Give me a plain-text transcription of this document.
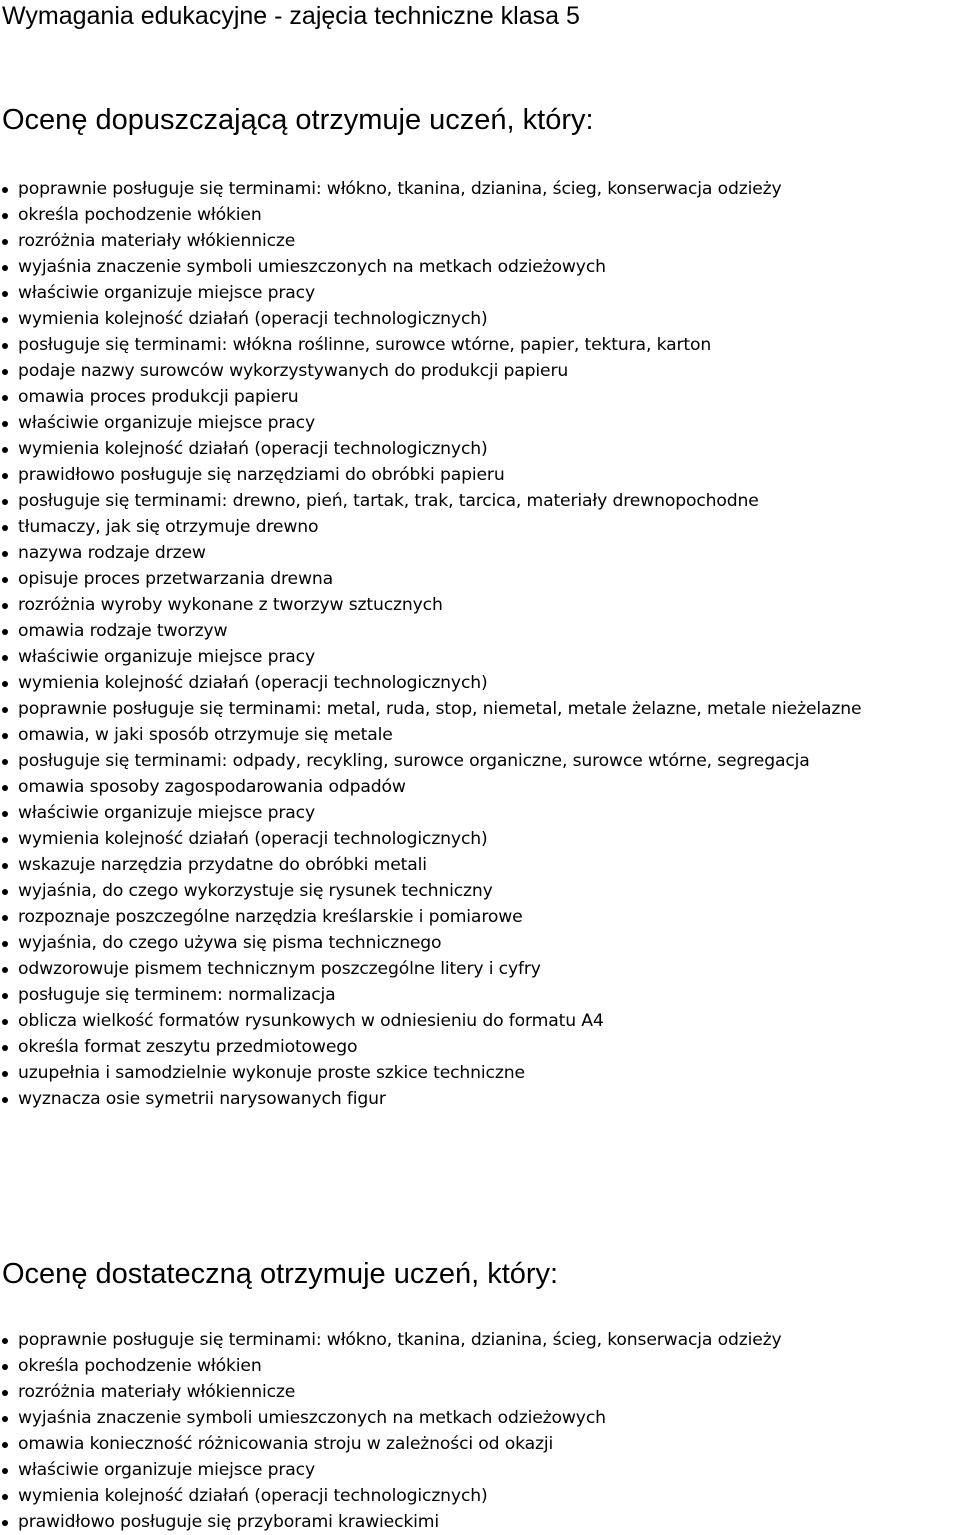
Wymagania edukacyjne - zajęcia techniczne klasa 5
Ocenę dopuszczającą otrzymuje uczeń, który:
poprawnie posługuje się terminami: włókno, tkanina, dzianina, ścieg, konserwacja odzieży
określa pochodzenie włókien
rozróżnia materiały włókiennicze
wyjaśnia znaczenie symboli umieszczonych na metkach odzieżowych
właściwie organizuje miejsce pracy
wymienia kolejność działań (operacji technologicznych)
posługuje się terminami: włókna roślinne, surowce wtórne, papier, tektura, karton
podaje nazwy surowców wykorzystywanych do produkcji papieru
omawia proces produkcji papieru
właściwie organizuje miejsce pracy
wymienia kolejność działań (operacji technologicznych)
prawidłowo posługuje się narzędziami do obróbki papieru
posługuje się terminami: drewno, pień, tartak, trak, tarcica, materiały drewnopochodne
tłumaczy, jak się otrzymuje drewno
nazywa rodzaje drzew
opisuje proces przetwarzania drewna
rozróżnia wyroby wykonane z tworzyw sztucznych
omawia rodzaje tworzyw
właściwie organizuje miejsce pracy
wymienia kolejność działań (operacji technologicznych)
poprawnie posługuje się terminami: metal, ruda, stop, niemetal, metale żelazne, metale nieżelazne
omawia, w jaki sposób otrzymuje się metale
posługuje się terminami: odpady, recykling, surowce organiczne, surowce wtórne, segregacja
omawia sposoby zagospodarowania odpadów
właściwie organizuje miejsce pracy
wymienia kolejność działań (operacji technologicznych)
wskazuje narzędzia przydatne do obróbki metali
wyjaśnia, do czego wykorzystuje się rysunek techniczny
rozpoznaje poszczególne narzędzia kreślarskie i pomiarowe
wyjaśnia, do czego używa się pisma technicznego
odwzorowuje pismem technicznym poszczególne litery i cyfry
posługuje się terminem: normalizacja
oblicza wielkość formatów rysunkowych w odniesieniu do formatu A4
określa format zeszytu przedmiotowego
uzupełnia i samodzielnie wykonuje proste szkice techniczne
wyznacza osie symetrii narysowanych figur
Ocenę dostateczną otrzymuje uczeń, który:
poprawnie posługuje się terminami: włókno, tkanina, dzianina, ścieg, konserwacja odzieży
określa pochodzenie włókien
rozróżnia materiały włókiennicze
wyjaśnia znaczenie symboli umieszczonych na metkach odzieżowych
omawia konieczność różnicowania stroju w zależności od okazji
właściwie organizuje miejsce pracy
wymienia kolejność działań (operacji technologicznych)
prawidłowo posługuje się przyborami krawieckimi
